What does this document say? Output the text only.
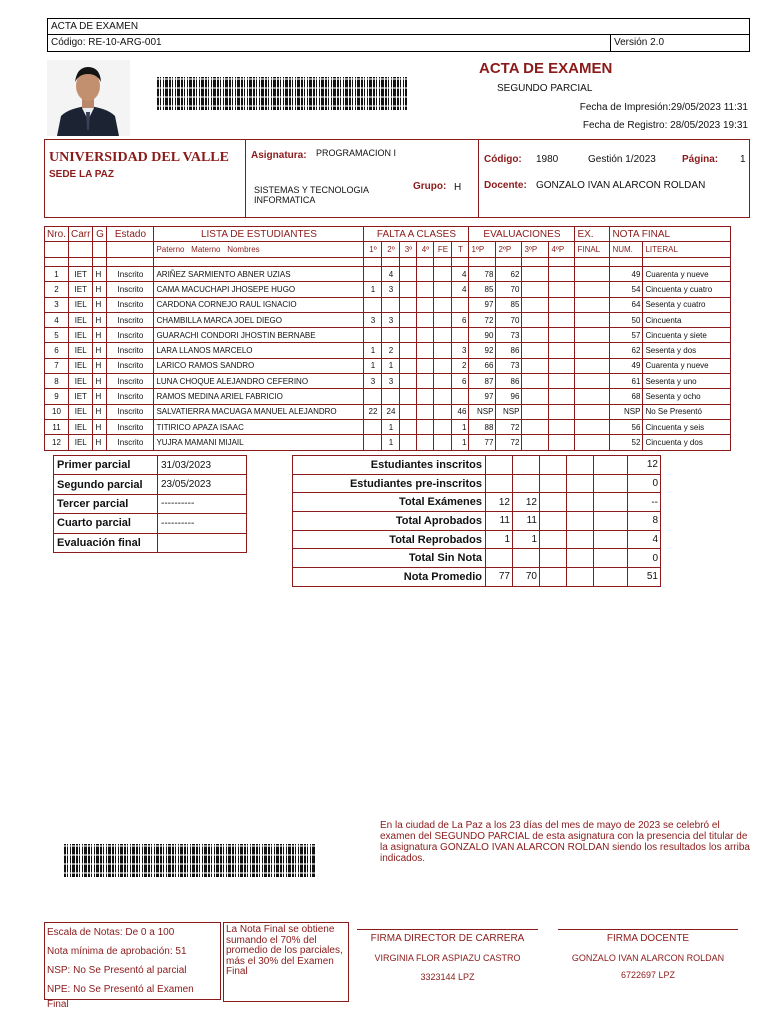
ACTA DE EXAMEN
Código: RE-10-ARG-001	Versión 2.0
ACTA DE EXAMEN
SEGUNDO PARCIAL
Fecha de Impresión:29/05/2023 11:31
Fecha de Registro: 28/05/2023 19:31
UNIVERSIDAD DEL VALLE
SEDE LA PAZ
Asignatura: PROGRAMACION I
SISTEMAS Y TECNOLOGIA INFORMATICA
Grupo: H
Código: 1980	Gestión 1/2023	Página: 1
Docente: GONZALO IVAN ALARCON ROLDAN
Nro.	Carr	G	Estado	LISTA DE ESTUDIANTES	FALTA A CLASES						EVALUACIONES				EX.	NOTA FINAL	
				Paterno Materno Nombres	1º	2º	3º	4º	FE	T	1ºP	2ºP	3ºP	4ºP	FINAL	NUM.	LITERAL

1	IET	H	Inscrito	ARIÑEZ SARMIENTO ABNER UZIAS		4				4	78	62				49	Cuarenta y nueve
2	IET	H	Inscrito	CAMA MACUCHAPI JHOSEPE HUGO	1	3				4	85	70				54	Cincuenta y cuatro
3	IEL	H	Inscrito	CARDONA CORNEJO RAUL IGNACIO							97	85				64	Sesenta y cuatro
4	IEL	H	Inscrito	CHAMBILLA MARCA JOEL DIEGO	3	3				6	72	70				50	Cincuenta
5	IEL	H	Inscrito	GUARACHI CONDORI JHOSTIN BERNABE							90	73				57	Cincuenta y siete
6	IEL	H	Inscrito	LARA LLANOS MARCELO	1	2				3	92	86				62	Sesenta y dos
7	IEL	H	Inscrito	LARICO RAMOS SANDRO	1	1				2	66	73				49	Cuarenta y nueve
8	IEL	H	Inscrito	LUNA CHOQUE ALEJANDRO CEFERINO	3	3				6	87	86				61	Sesenta y uno
9	IET	H	Inscrito	RAMOS MEDINA ARIEL FABRICIO							97	96				68	Sesenta y ocho
10	IEL	H	Inscrito	SALVATIERRA MACUAGA MANUEL ALEJANDRO	22	24				46	NSP	NSP				NSP	No Se Presentó
11	IEL	H	Inscrito	TITIRICO APAZA ISAAC		1				1	88	72				56	Cincuenta y seis
12	IEL	H	Inscrito	YUJRA MAMANI MIJAIL		1				1	77	72				52	Cincuenta y dos
Primer parcial	31/03/2023
Segundo parcial	23/05/2023
Tercer parcial	----------
Cuarto parcial	----------
Evaluación final	
Estudiantes inscritos						12
Estudiantes pre-inscritos						0
Total Exámenes	12	12				--
Total Aprobados	11	11				8
Total Reprobados	1	1				4
Total Sin Nota						0
Nota Promedio	77	70				51
En la ciudad de La Paz a los 23 días del mes de mayo de 2023 se celebró el examen del SEGUNDO PARCIAL de esta asignatura con la presencia del titular de la asignatura GONZALO IVAN ALARCON ROLDAN siendo los resultados los arriba indicados.
Escala de Notas: De 0 a 100
Nota mínima de aprobación: 51
NSP: No Se Presentó al parcial
NPE: No Se Presentó al Examen Final
La Nota Final se obtiene sumando el 70% del promedio de los parciales, más el 30% del Examen Final
FIRMA DIRECTOR DE CARRERA
VIRGINIA FLOR ASPIAZU CASTRO
3323144 LPZ
FIRMA DOCENTE
GONZALO IVAN ALARCON ROLDAN
6722697 LPZ
